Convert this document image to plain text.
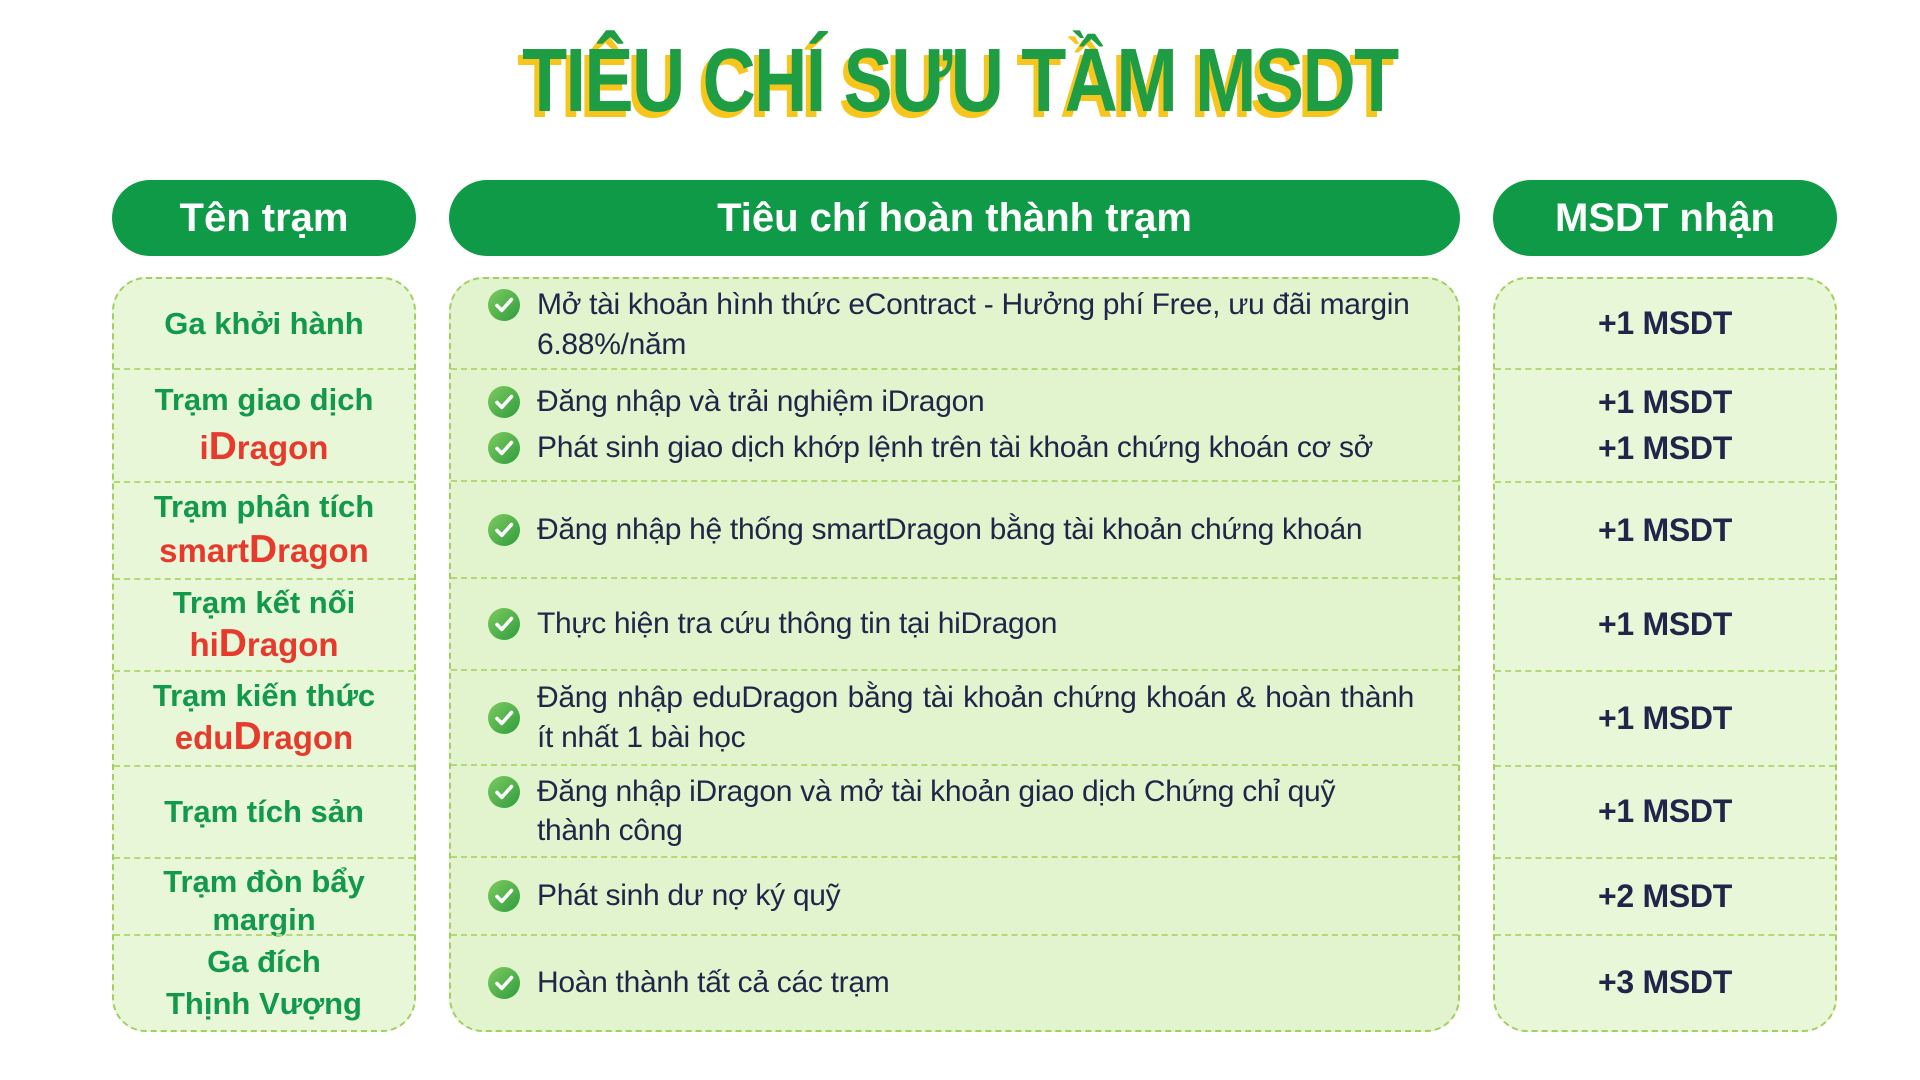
TIÊU CHÍ SƯU TẦM MSDT
Tên trạm	Tiêu chí hoàn thành trạm	MSDT nhận
Ga khởi hành
Trạm giao dịch
iDragon
Trạm phân tích
smartDragon
Trạm kết nối
hiDragon
Trạm kiến thức
eduDragon
Trạm tích sản
Trạm đòn bẩy
margin
Ga đích
Thịnh Vượng
Mở tài khoản hình thức eContract - Hưởng phí Free, ưu đãi margin 6.88%/năm
Đăng nhập và trải nghiệm iDragon
Phát sinh giao dịch khớp lệnh trên tài khoản chứng khoán cơ sở
Đăng nhập hệ thống smartDragon bằng tài khoản chứng khoán
Thực hiện tra cứu thông tin tại hiDragon
Đăng nhập eduDragon bằng tài khoản chứng khoán & hoàn thành ít nhất 1 bài học
Đăng nhập iDragon và mở tài khoản giao dịch Chứng chỉ quỹ thành công
Phát sinh dư nợ ký quỹ
Hoàn thành tất cả các trạm
+1 MSDT
+1 MSDT
+1 MSDT
+1 MSDT
+1 MSDT
+1 MSDT
+1 MSDT
+2 MSDT
+3 MSDT
